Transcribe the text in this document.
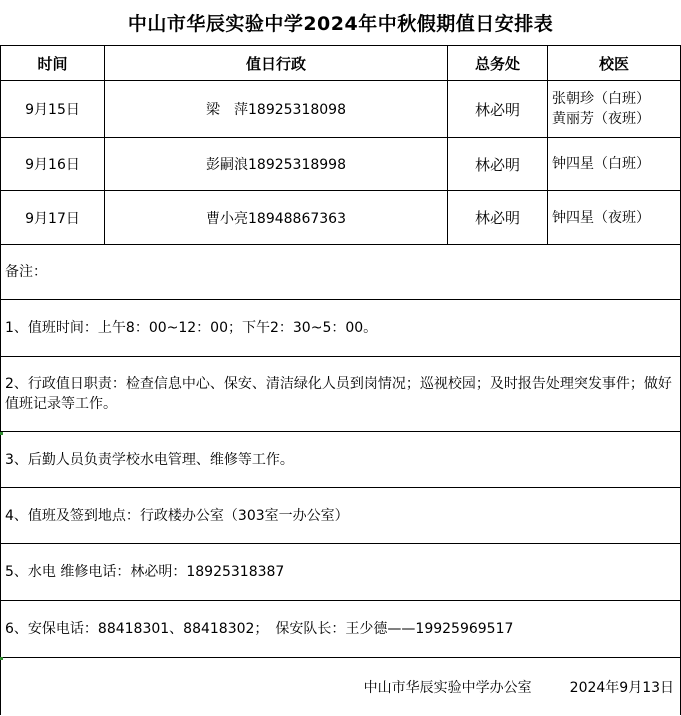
中山市华辰实验中学2024年中秋假期值日安排表			
时间	值日行政	总务处	校医
9月15日	梁　萍18925318098	林必明	张朝珍（白班）
黄丽芳（夜班）

9月16日	彭嗣浪18925318998	林必明	钟四星（白班）
9月17日	曹小亮18948867363	林必明	钟四星（夜班）
备注：			
1、值班时间：上午8：00~12：00；下午2：30~5：00。			
2、行政值日职责：检查信息中心、保安、清洁绿化人员到岗情况；巡视校园；及时报告处理突发事件；做好值班记录等工作。			
3、后勤人员负责学校水电管理、维修等工作。			
4、值班及签到地点：行政楼办公室（303室一办公室）			
5、水电 维修电话：林必明：18925318387			
6、安保电话：88418301、88418302；　保安队长：王少德——19925969517			
中山市华辰实验中学办公室 2024年9月13日			
